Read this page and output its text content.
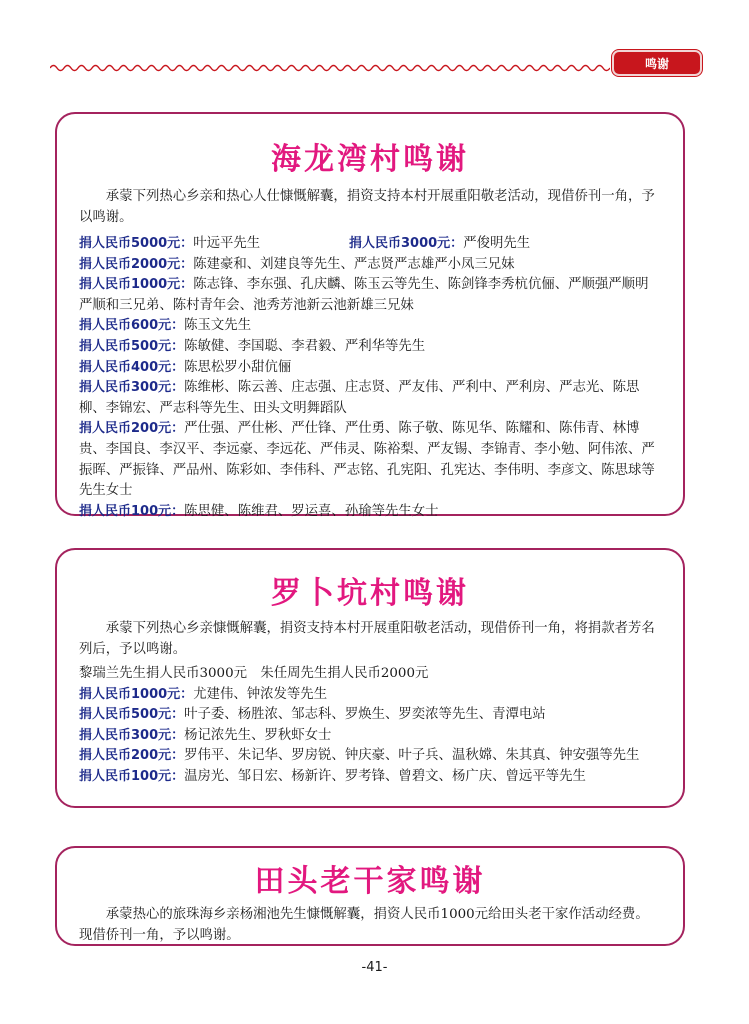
鸣谢
海龙湾村鸣谢

承蒙下列热心乡亲和热心人仕慷慨解囊，捐资支持本村开展重阳敬老活动，现借侨刊一角，予以鸣谢。

捐人民币5000元：叶远平先生	捐人民币3000元：严俊明先生

捐人民币2000元：陈建豪和、刘建良等先生、严志贤严志雄严小凤三兄妹

捐人民币1000元：陈志锋、李东强、孔庆麟、陈玉云等先生、陈剑锋李秀杭伉俪、严顺强严顺明严顺和三兄弟、陈村青年会、池秀芳池新云池新雄三兄妹

捐人民币600元：陈玉文先生

捐人民币500元：陈敏健、李国聪、李君毅、严利华等先生

捐人民币400元：陈思松罗小甜伉俪

捐人民币300元：陈维彬、陈云善、庄志强、庄志贤、严友伟、严利中、严利房、严志光、陈思柳、李锦宏、严志科等先生、田头文明舞蹈队

捐人民币200元：严仕强、严仕彬、严仕锋、严仕勇、陈子敬、陈见华、陈耀和、陈伟青、林博贵、李国良、李汉平、李远豪、李远花、严伟灵、陈裕梨、严友锡、李锦青、李小勉、阿伟浓、严振晖、严振锋、严品州、陈彩如、李伟科、严志铭、孔宪阳、孔宪达、李伟明、李彦文、陈思球等先生女士

捐人民币100元：陈思健、陈维君、罗运喜、孙瑜等先生女士

罗卜坑村鸣谢

承蒙下列热心乡亲慷慨解囊，捐资支持本村开展重阳敬老活动，现借侨刊一角，将捐款者芳名列后，予以鸣谢。

黎瑞兰先生捐人民币3000元　朱任周先生捐人民币2000元

捐人民币1000元：尤建伟、钟浓发等先生

捐人民币500元：叶子委、杨胜浓、邹志科、罗焕生、罗奕浓等先生、青潭电站

捐人民币300元：杨记浓先生、罗秋虾女士

捐人民币200元：罗伟平、朱记华、罗房锐、钟庆豪、叶子兵、温秋嫦、朱其真、钟安强等先生

捐人民币100元：温房光、邹日宏、杨新许、罗考锋、曾碧文、杨广庆、曾远平等先生

田头老干家鸣谢

承蒙热心的旅珠海乡亲杨湘池先生慷慨解囊，捐资人民币1000元给田头老干家作活动经费。现借侨刊一角，予以鸣谢。

-41-
